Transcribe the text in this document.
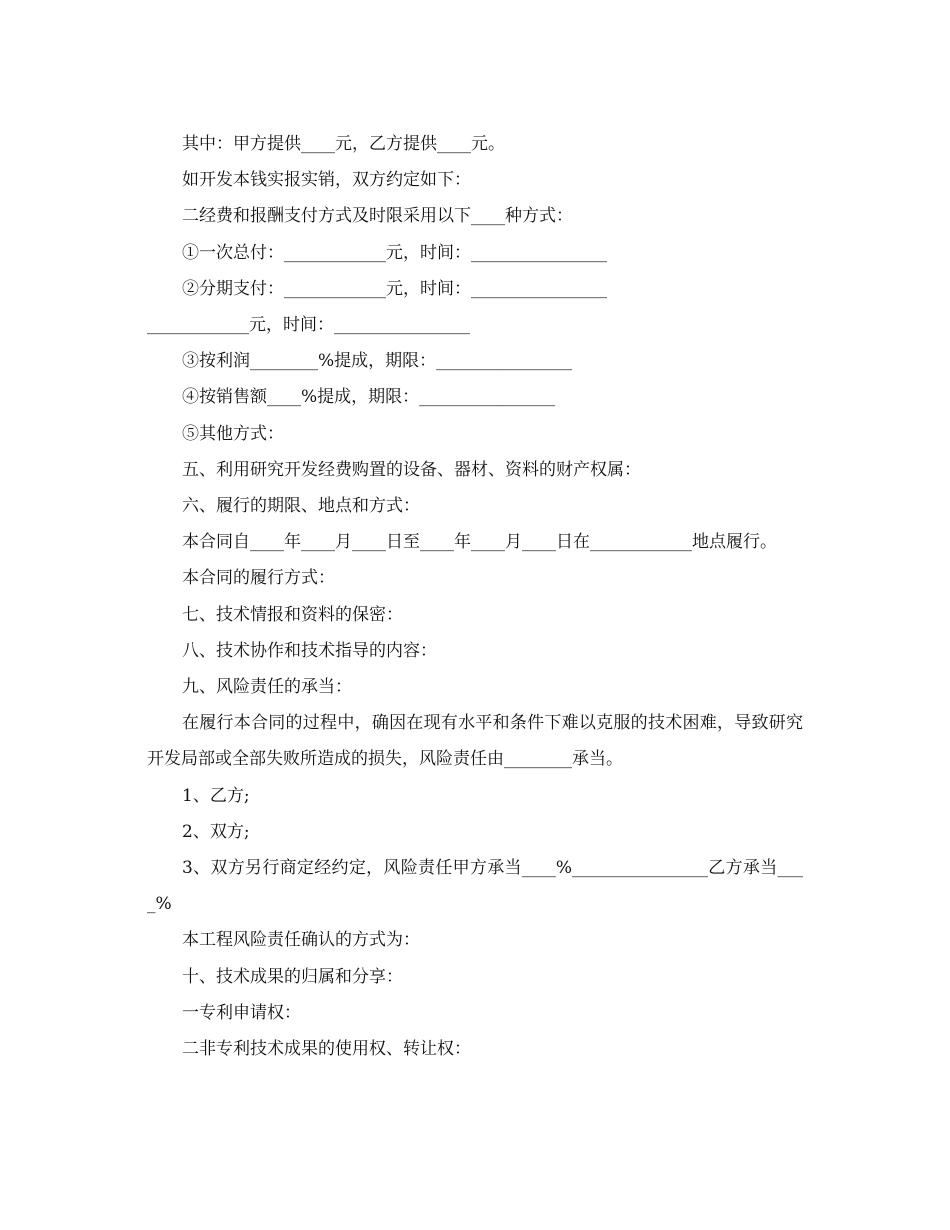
其中：甲方提供____元，乙方提供____元。

如开发本钱实报实销，双方约定如下：

二经费和报酬支付方式及时限采用以下____种方式：

①一次总付：____________元，时间：________________

②分期支付：____________元，时间：________________

____________元，时间：________________

③按利润________%提成，期限：________________

④按销售额____%提成，期限：________________

⑤其他方式：

五、利用研究开发经费购置的设备、器材、资料的财产权属：

六、履行的期限、地点和方式：

本合同自____年____月____日至____年____月____日在____________地点履行。

本合同的履行方式：

七、技术情报和资料的保密：

八、技术协作和技术指导的内容：

九、风险责任的承当：

在履行本合同的过程中，确因在现有水平和条件下难以克服的技术困难，导致研究开发局部或全部失败所造成的损失，风险责任由________承当。

1、乙方;

2、双方;

3、双方另行商定经约定，风险责任甲方承当____%________________乙方承当____%

本工程风险责任确认的方式为：

十、技术成果的归属和分享：

一专利申请权：

二非专利技术成果的使用权、转让权：
